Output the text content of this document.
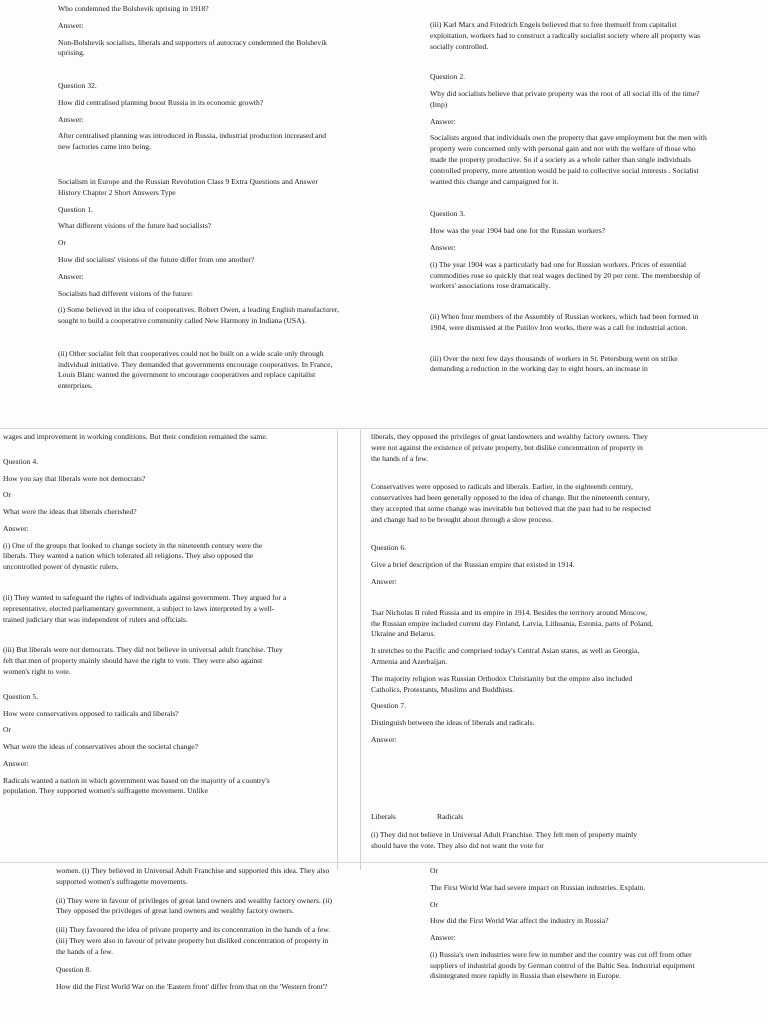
Who condemned the Bolshevik uprising in 1918?

Answer:

Non-Bolshevik socialists, liberals and supporters of autocracy condemned the Bolshevik uprising.

Question 32.

How did centralised planning boost Russia in its economic growth?

Answer:

After centralised planning was introduced in Russia, industrial production increased and new factories came into being.

Socialism in Europe and the Russian Revolution Class 9 Extra Questions and Answer History Chapter 2 Short Answers Type

Question 1.

What different visions of the future had socialists?

Or

How did socialists' visions of the future differ from one another?

Answer:

Socialists had different visions of the future:

(i) Some believed in the idea of cooperatives. Robert Owen, a leading English manufacturer, sought to build a cooperative community called New Harmony in Indiana (USA).

(ii) Other socialist felt that cooperatives could not be built on a wide scale only through individual initiative. They demanded that governments encourage cooperatives. In France, Louis Blanc wanted the government to encourage cooperatives and replace capitalist enterprises.

(iii) Karl Marx and Friedrich Engels believed that to free themself from capitalist exploitation, workers had to construct a radically socialist society where all property was socially controlled.

Question 2.

Why did socialists believe that private property was the root of all social ills of the time? (Imp)

Answer:

Socialists argued that individuals own the property that gave employment but the men with property were concerned only with personal gain and not with the welfare of those who made the property productive. So if a society as a whole rather than single individuals controlled property, more attention would be paid to collective social interests . Socialist wanted this change and campaigned for it.

Question 3.

How was the year 1904 bad one for the Russian workers?

Answer:

(i) The year 1904 was a particularly bad one for Russian workers. Prices of essential commodities rose so quickly that real wages declined by 20 per cent. The membership of workers' associations rose dramatically.

(ii) When four members of the Assembly of Russian workers, which had been formed in 1904, were dismissed at the Putilov Iron works, there was a call for industrial action.

(iii) Over the next few days thousands of workers in St. Petersburg went on strike demanding a reduction in the working day to eight hours, an increase in

wages and improvement in working conditions. But their condition remained the same.

Question 4.

How you say that liberals were not democrats?

Or

What were the ideas that liberals cherished?

Answer:

(i) One of the groups that looked to change society in the nineteenth century were the liberals. They wanted a nation which tolerated all religions. They also opposed the uncontrolled power of dynastic rulers.

(ii) They wanted to safeguard the rights of individuals against government. They argued for a representative, elected parliamentary government, a subject to laws interpreted by a well-trained judiciary that was independent of rulers and officials.

(iii) But liberals were not democrats. They did not believe in universal adult franchise. They felt that men of property mainly should have the right to vote. They were also against women's right to vote.

Question 5.

How were conservatives opposed to radicals and liberals?

Or

What were the ideas of conservatives about the societal change?

Answer:

Radicals wanted a nation in which government was based on the majority of a country's population. They supported women's suffragette movement. Unlike

liberals, they opposed the privileges of great landowners and wealthy factory owners. They were not against the existence of private property, but dislike concentration of property in the hands of a few.

Conservatives were opposed to radicals and liberals. Earlier, in the eighteenth century, conservatives had been generally opposed to the idea of change. But the nineteenth century, they accepted that some change was inevitable but believed that the past had to be respected and change had to be brought about through a slow process.

Question 6.

Give a brief description of the Russian empire that existed in 1914.

Answer:

Tsar Nicholas II ruled Russia and its empire in 1914. Besides the territory around Moscow, the Russian empire included current day Finland, Latvia, Lithuania, Estonia, parts of Poland, Ukraine and Belarus.

It stretches to the Pacific and comprised today's Central Asian states, as well as Georgia, Armenia and Azerbaijan.

The majority religion was Russian Orthodox Christianity but the empire also included Catholics, Protestants, Muslims and Buddhists.

Question 7.

Distinguish between the ideas of liberals and radicals.

Answer:

Liberals	Radicals

(i) They did not believe in Universal Adult Franchise. They felt men of property mainly should have the vote. They also did not want the vote for

women. (i) They believed in Universal Adult Franchise and supported this idea. They also supported women's suffragette movements.

(ii) They were in favour of privileges of great land owners and wealthy factory owners. (ii) They opposed the privileges of great land owners and wealthy factory owners.

(iii) They favoured the idea of private property and its concentration in the hands of a few. (iii) They were also in favour of private property but disliked concentration of property in the hands of a few.

Question 8.

How did the First World War on the 'Eastern front' differ from that on the 'Western front'?

Or

The First World War had severe impact on Russian industries. Explain.

Or

How did the First World War affect the industry in Russia?

Answer:

(i) Russia's own industries were few in number and the country was cut off from other suppliers of industrial goods by German control of the Baltic Sea. Industrial equipment disintegrated more rapidly in Russia than elsewhere in Europe.
